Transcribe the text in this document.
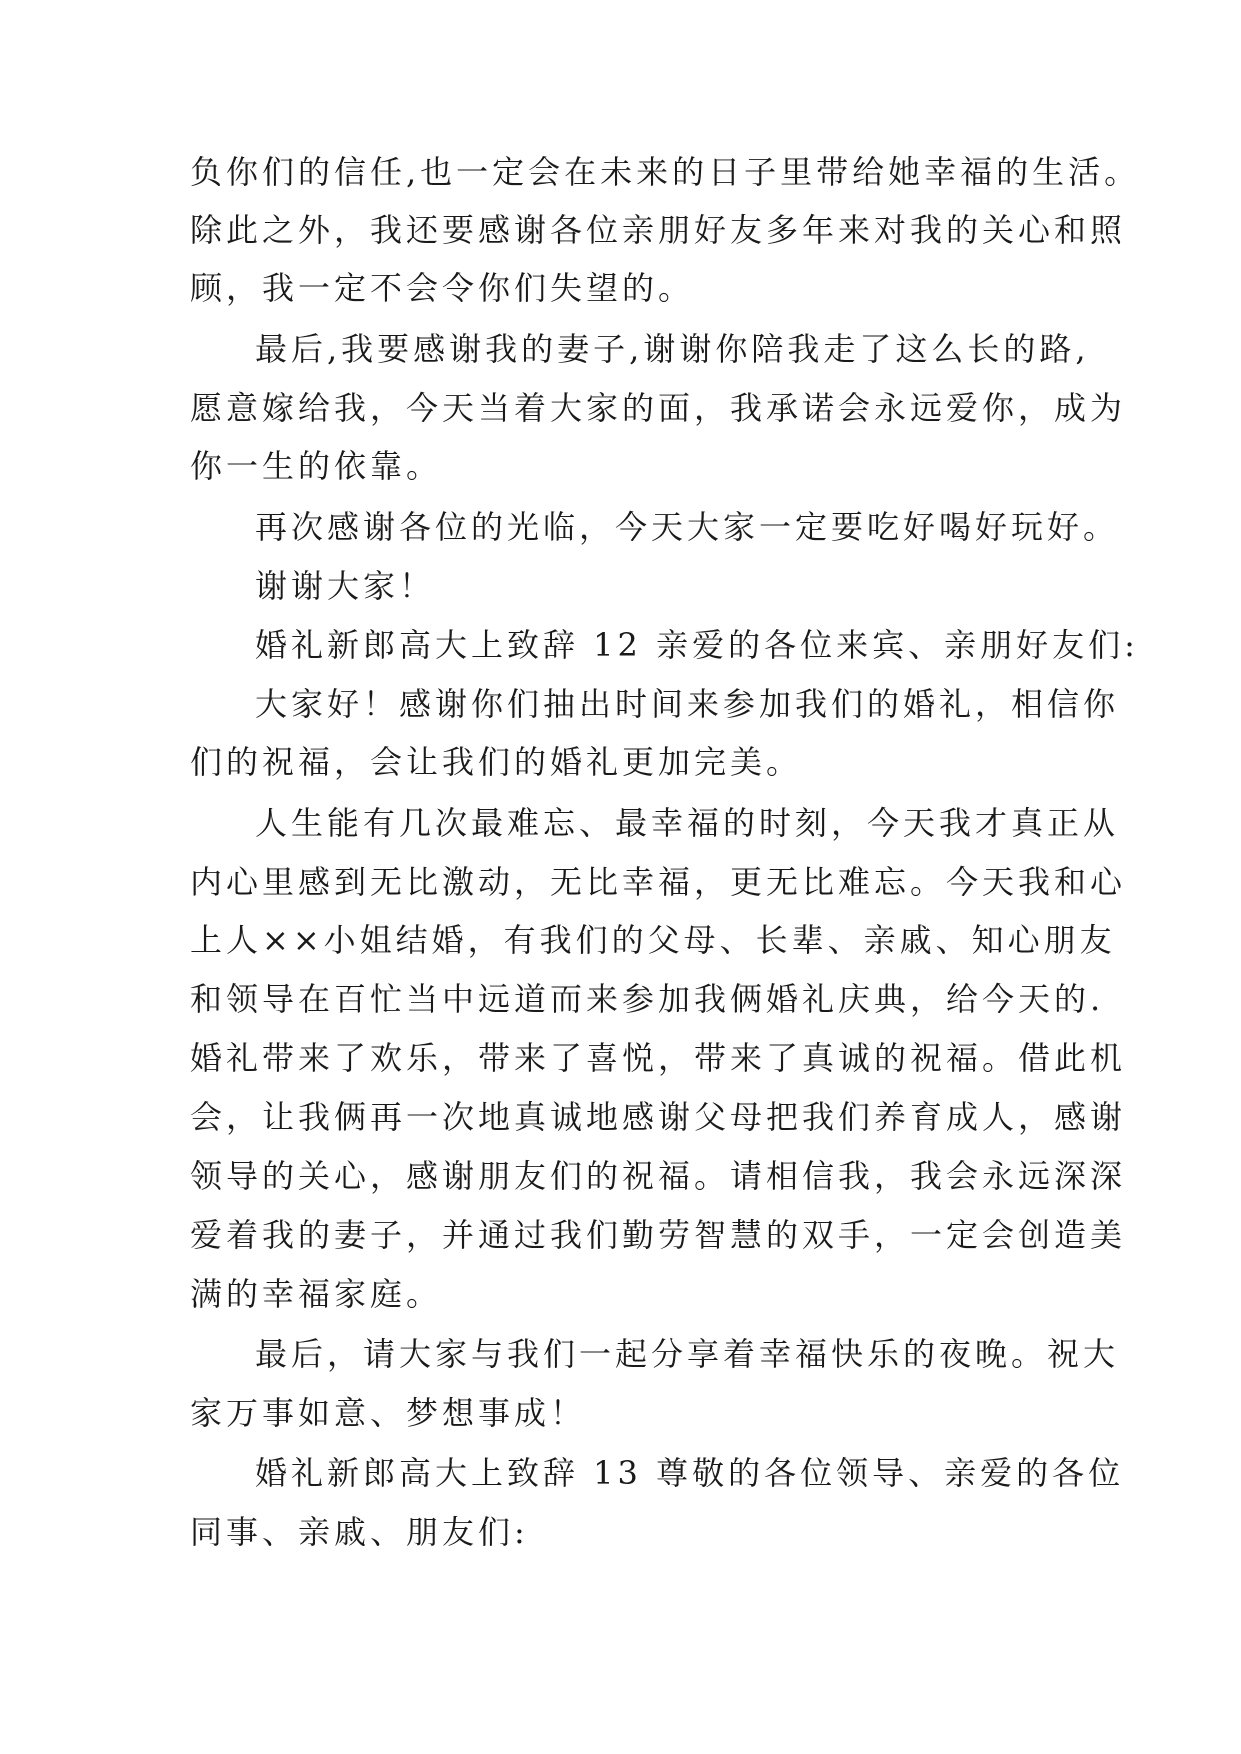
负你们的信任,也一定会在未来的日子里带给她幸福的生活。
除此之外，我还要感谢各位亲朋好友多年来对我的关心和照
顾，我一定不会令你们失望的。
最后,我要感谢我的妻子,谢谢你陪我走了这么长的路,
愿意嫁给我，今天当着大家的面，我承诺会永远爱你，成为
你一生的依靠。
再次感谢各位的光临，今天大家一定要吃好喝好玩好。
谢谢大家！
婚礼新郎高大上致辞 12 亲爱的各位来宾、亲朋好友们:
大家好！感谢你们抽出时间来参加我们的婚礼，相信你
们的祝福，会让我们的婚礼更加完美。
人生能有几次最难忘、最幸福的时刻，今天我才真正从
内心里感到无比激动，无比幸福，更无比难忘。今天我和心
上人××小姐结婚，有我们的父母、长辈、亲戚、知心朋友
和领导在百忙当中远道而来参加我俩婚礼庆典，给今天的.
婚礼带来了欢乐，带来了喜悦，带来了真诚的祝福。借此机
会，让我俩再一次地真诚地感谢父母把我们养育成人，感谢
领导的关心，感谢朋友们的祝福。请相信我，我会永远深深
爱着我的妻子，并通过我们勤劳智慧的双手，一定会创造美
满的幸福家庭。
最后，请大家与我们一起分享着幸福快乐的夜晚。祝大
家万事如意、梦想事成！
婚礼新郎高大上致辞 13 尊敬的各位领导、亲爱的各位
同事、亲戚、朋友们:
